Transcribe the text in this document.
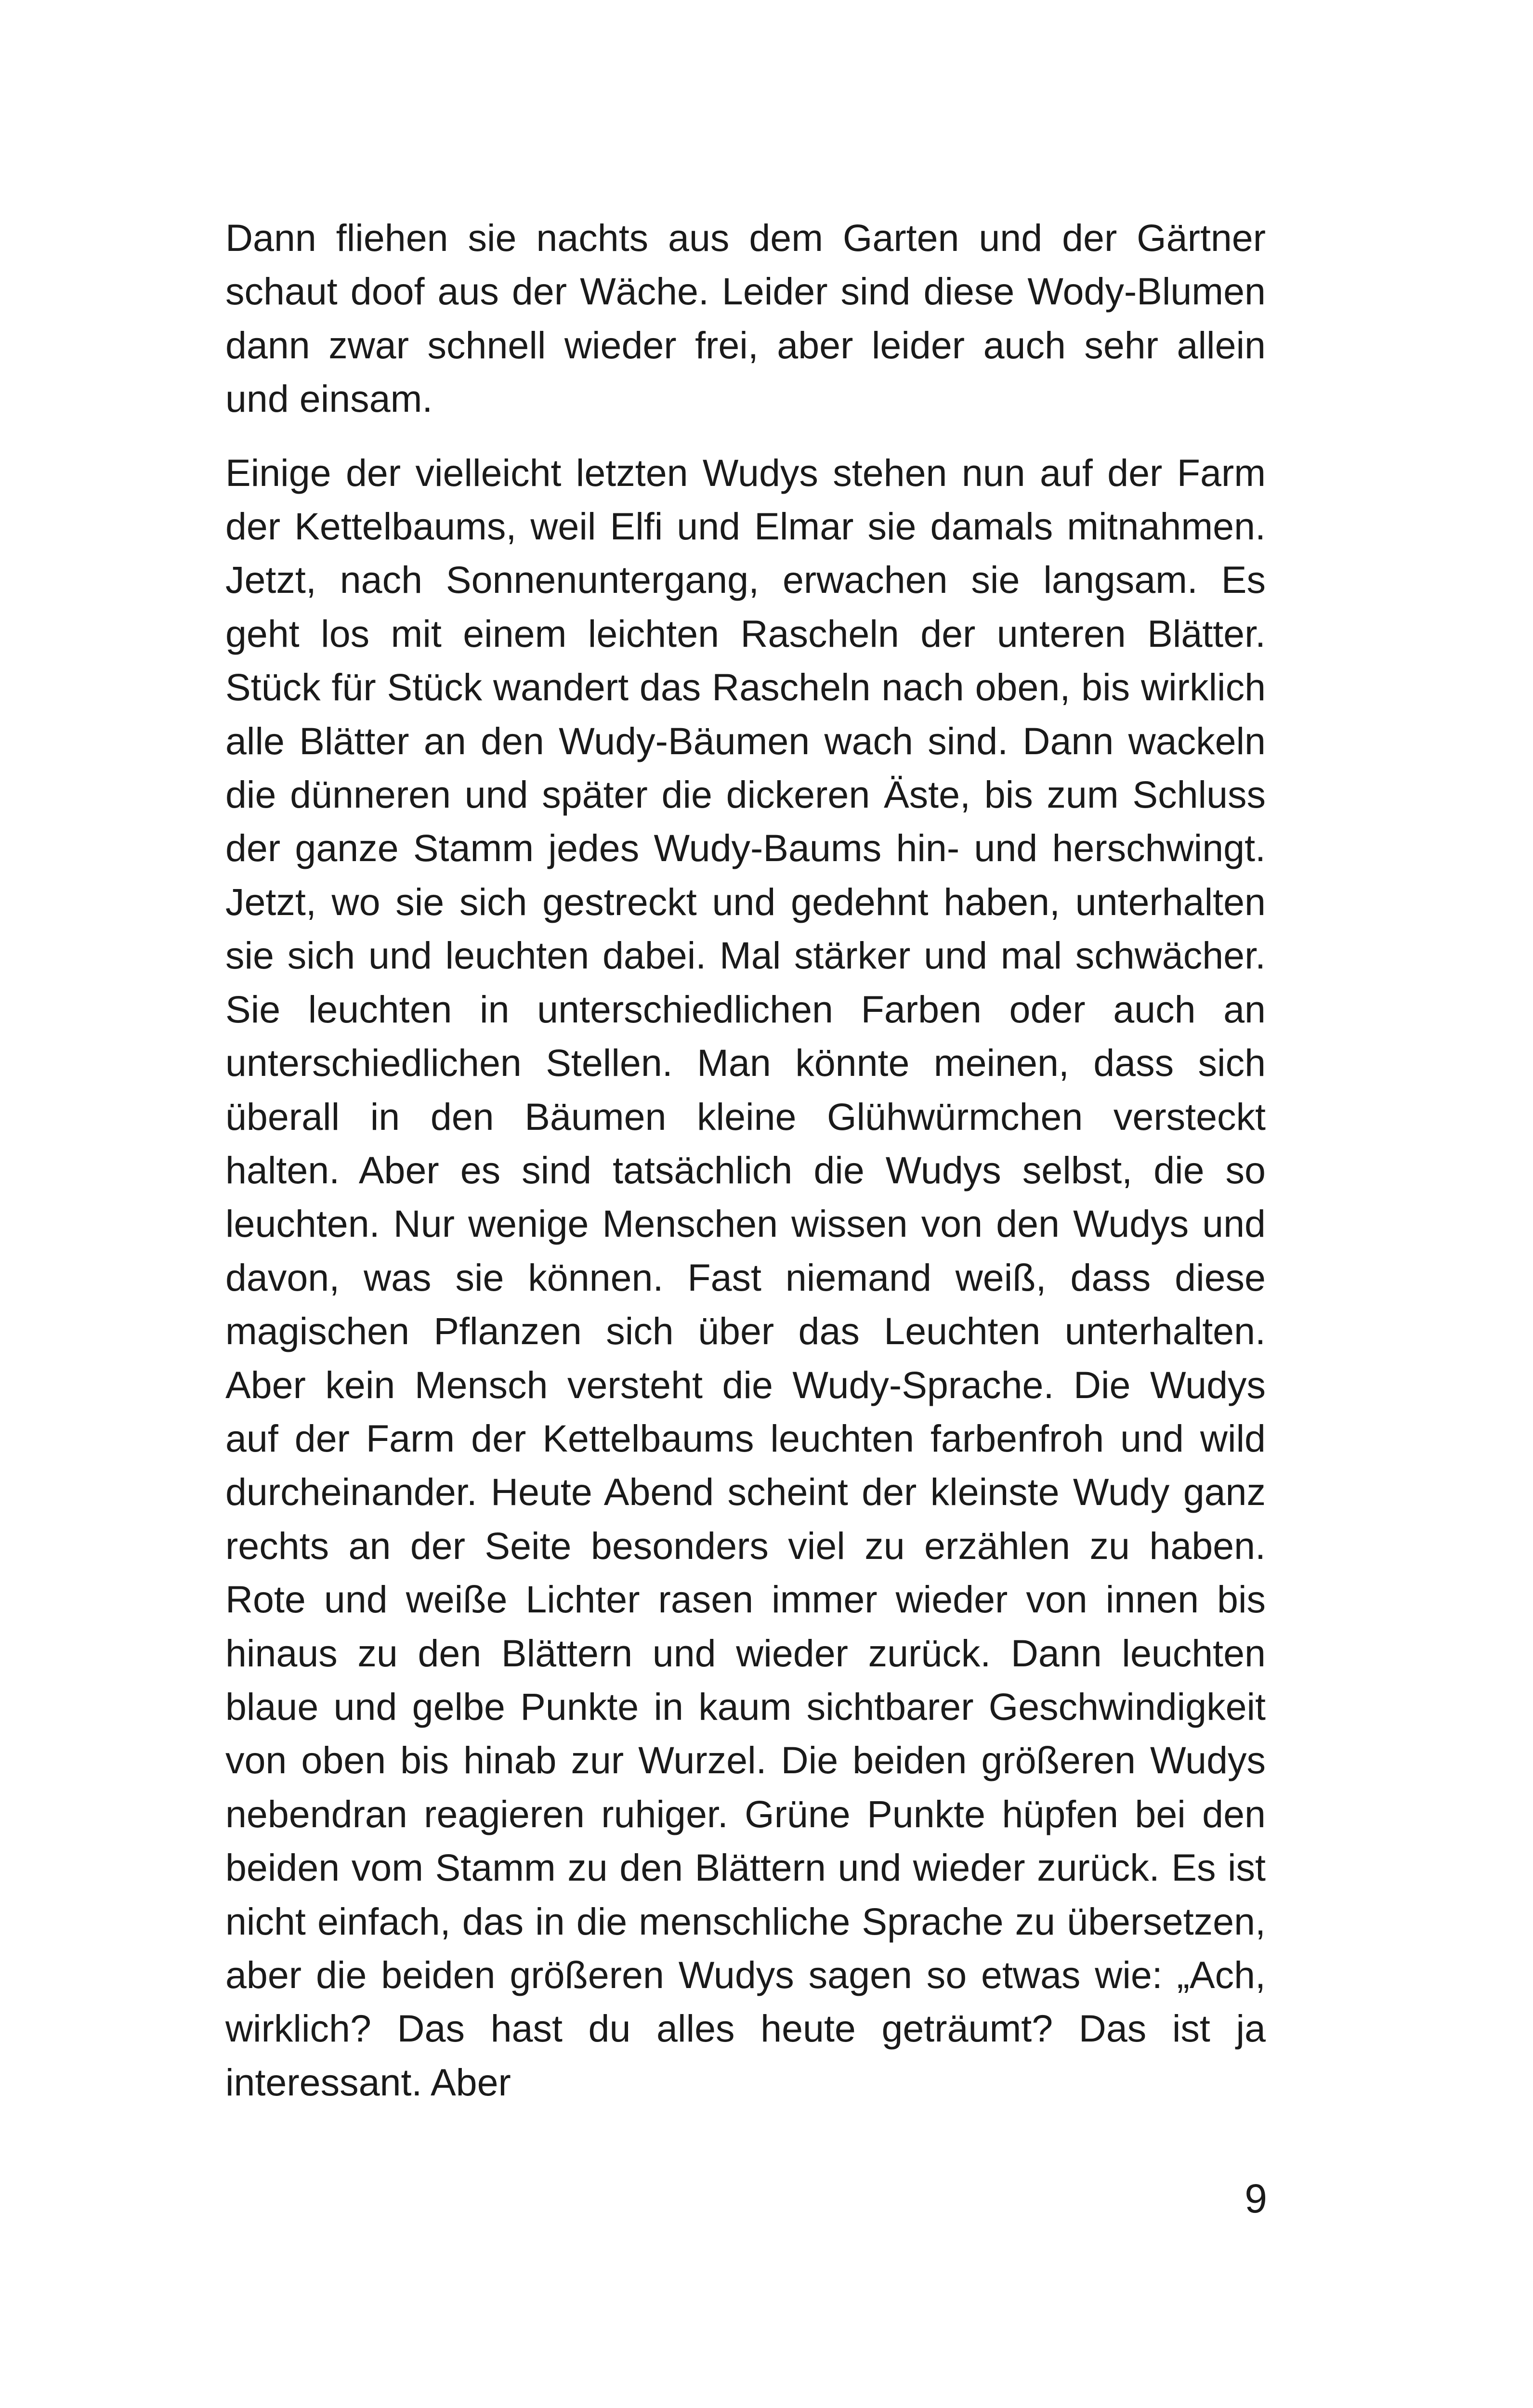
Dann fliehen sie nachts aus dem Garten und der Gärtner schaut doof aus der Wäche. Leider sind diese Wody-Blumen dann zwar schnell wieder frei, aber leider auch sehr allein und einsam.

Einige der vielleicht letzten Wudys stehen nun auf der Farm der Kettelbaums, weil Elfi und Elmar sie damals mitnahmen. Jetzt, nach Sonnenuntergang, erwachen sie langsam. Es geht los mit einem leichten Rascheln der unteren Blätter. Stück für Stück wandert das Rascheln nach oben, bis wirklich alle Blätter an den Wudy-Bäumen wach sind. Dann wackeln die dünneren und später die dickeren Äste, bis zum Schluss der ganze Stamm jedes Wudy-Baums hin- und herschwingt. Jetzt, wo sie sich gestreckt und gedehnt haben, unterhalten sie sich und leuchten dabei. Mal stärker und mal schwächer. Sie leuchten in unterschiedlichen Farben oder auch an unterschiedlichen Stellen. Man könnte meinen, dass sich überall in den Bäumen kleine Glühwürmchen versteckt halten. Aber es sind tatsächlich die Wudys selbst, die so leuchten. Nur wenige Menschen wissen von den Wudys und davon, was sie können. Fast niemand weiß, dass diese magischen Pflanzen sich über das Leuchten unterhalten. Aber kein Mensch versteht die Wudy-Sprache. Die Wudys auf der Farm der Kettelbaums leuchten farbenfroh und wild durcheinander. Heute Abend scheint der kleinste Wudy ganz rechts an der Seite besonders viel zu erzählen zu haben. Rote und weiße Lichter rasen immer wieder von innen bis hinaus zu den Blättern und wieder zurück. Dann leuchten blaue und gelbe Punkte in kaum sichtbarer Geschwindigkeit von oben bis hinab zur Wurzel. Die beiden größeren Wudys nebendran reagieren ruhiger. Grüne Punkte hüpfen bei den beiden vom Stamm zu den Blättern und wieder zurück. Es ist nicht einfach, das in die menschliche Sprache zu übersetzen, aber die beiden größeren Wudys sagen so etwas wie: „Ach, wirklich? Das hast du alles heute geträumt? Das ist ja interessant. Aber

9
